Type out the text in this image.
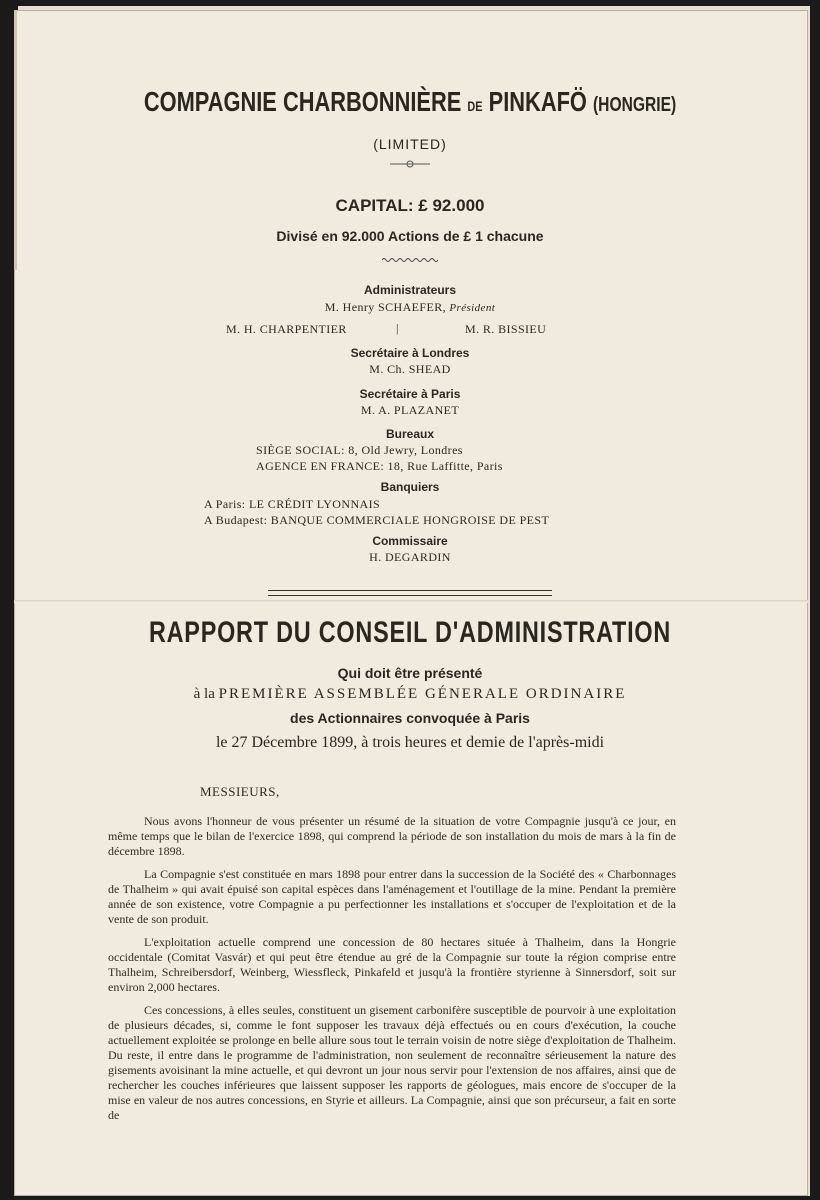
COMPAGNIE CHARBONNIÈRE DE PINKAFÖ (HONGRIE)
(LIMITED)
CAPITAL: £ 92.000
Divisé en 92.000 Actions de £ 1 chacune
Administrateurs
M. Henry SCHAEFER, Président
M. H. CHARPENTIER	|	M. R. BISSIEU
Secrétaire à Londres
M. Ch. SHEAD
Secrétaire à Paris
M. A. PLAZANET
Bureaux
SIÈGE SOCIAL: 8, Old Jewry, Londres
AGENCE EN FRANCE: 18, Rue Laffitte, Paris
Banquiers
A Paris: LE CRÉDIT LYONNAIS
A Budapest: BANQUE COMMERCIALE HONGROISE DE PEST
Commissaire
H. DEGARDIN
RAPPORT DU CONSEIL D'ADMINISTRATION
Qui doit être présenté
à la PREMIÈRE ASSEMBLÉE GÉNERALE ORDINAIRE
des Actionnaires convoquée à Paris
le 27 Décembre 1899, à trois heures et demie de l'après-midi
MESSIEURS,

Nous avons l'honneur de vous présenter un résumé de la situation de votre Compagnie jusqu'à ce jour, en même temps que le bilan de l'exercice 1898, qui comprend la période de son installation du mois de mars à la fin de décembre 1898.

La Compagnie s'est constituée en mars 1898 pour entrer dans la succession de la Société des « Charbonnages de Thalheim » qui avait épuisé son capital espèces dans l'aménagement et l'outillage de la mine. Pendant la première année de son existence, votre Compagnie a pu perfectionner les installations et s'occuper de l'exploitation et de la vente de son produit.

L'exploitation actuelle comprend une concession de 80 hectares située à Thalheim, dans la Hongrie occidentale (Comitat Vasvár) et qui peut être étendue au gré de la Compagnie sur toute la région comprise entre Thalheim, Schreibersdorf, Weinberg, Wiessfleck, Pinkafeld et jusqu'à la frontière styrienne à Sinnersdorf, soit sur environ 2,000 hectares.

Ces concessions, à elles seules, constituent un gisement carbonifère susceptible de pourvoir à une exploitation de plusieurs décades, si, comme le font supposer les travaux déjà effectués ou en cours d'exécution, la couche actuellement exploitée se prolonge en belle allure sous tout le terrain voisin de notre siège d'exploitation de Thalheim. Du reste, il entre dans le programme de l'administration, non seulement de reconnaître sérieusement la nature des gisements avoisinant la mine actuelle, et qui devront un jour nous servir pour l'extension de nos affaires, ainsi que de rechercher les couches inférieures que laissent supposer les rapports de géologues, mais encore de s'occuper de la mise en valeur de nos autres concessions, en Styrie et ailleurs. La Compagnie, ainsi que son précurseur, a fait en sorte de
